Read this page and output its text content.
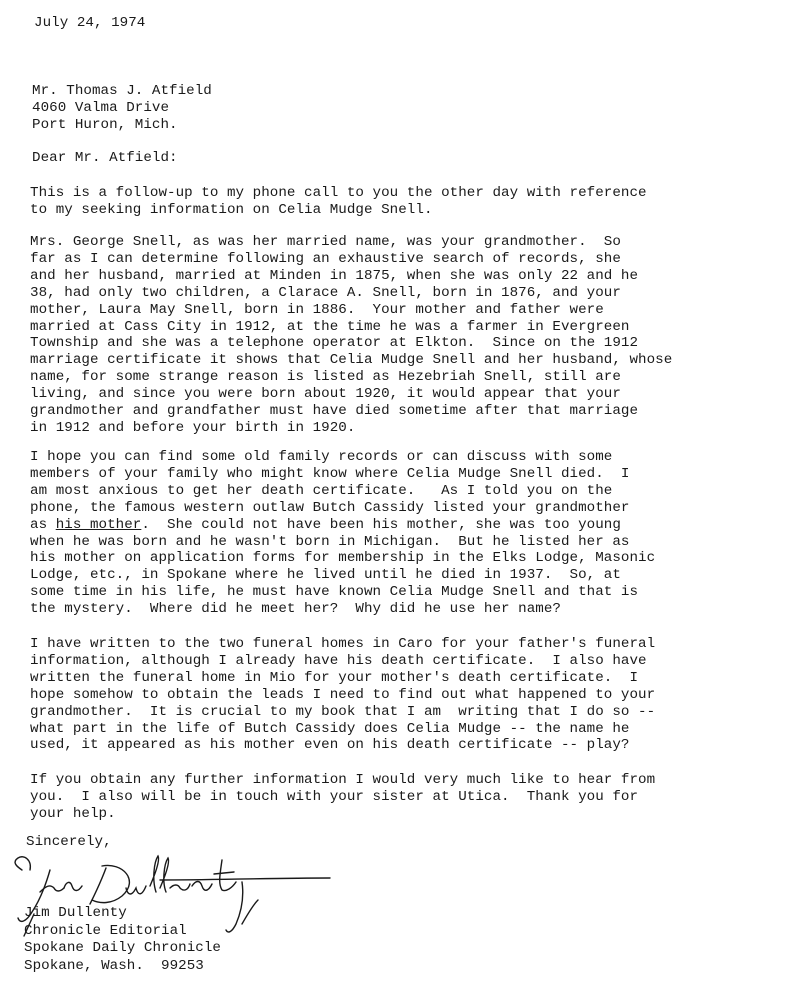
July 24, 1974
Mr. Thomas J. Atfield
4060 Valma Drive
Port Huron, Mich.
Dear Mr. Atfield:
This is a follow-up to my phone call to you the other day with reference
to my seeking information on Celia Mudge Snell.
Mrs. George Snell, as was her married name, was your grandmother.  So
far as I can determine following an exhaustive search of records, she
and her husband, married at Minden in 1875, when she was only 22 and he
38, had only two children, a Clarace A. Snell, born in 1876, and your
mother, Laura May Snell, born in 1886.  Your mother and father were
married at Cass City in 1912, at the time he was a farmer in Evergreen
Township and she was a telephone operator at Elkton.  Since on the 1912
marriage certificate it shows that Celia Mudge Snell and her husband, whose
name, for some strange reason is listed as Hezebriah Snell, still are
living, and since you were born about 1920, it would appear that your
grandmother and grandfather must have died sometime after that marriage
in 1912 and before your birth in 1920.
I hope you can find some old family records or can discuss with some
members of your family who might know where Celia Mudge Snell died.  I
am most anxious to get her death certificate.   As I told you on the
phone, the famous western outlaw Butch Cassidy listed your grandmother
as his mother.  She could not have been his mother, she was too young
when he was born and he wasn't born in Michigan.  But he listed her as
his mother on application forms for membership in the Elks Lodge, Masonic
Lodge, etc., in Spokane where he lived until he died in 1937.  So, at
some time in his life, he must have known Celia Mudge Snell and that is
the mystery.  Where did he meet her?  Why did he use her name?
I have written to the two funeral homes in Caro for your father's funeral
information, although I already have his death certificate.  I also have
written the funeral home in Mio for your mother's death certificate.  I
hope somehow to obtain the leads I need to find out what happened to your
grandmother.  It is crucial to my book that I am  writing that I do so --
what part in the life of Butch Cassidy does Celia Mudge -- the name he
used, it appeared as his mother even on his death certificate -- play?
If you obtain any further information I would very much like to hear from
you.  I also will be in touch with your sister at Utica.  Thank you for
your help.
Sincerely,
Jim Dullenty
Chronicle Editorial
Spokane Daily Chronicle
Spokane, Wash.  99253
